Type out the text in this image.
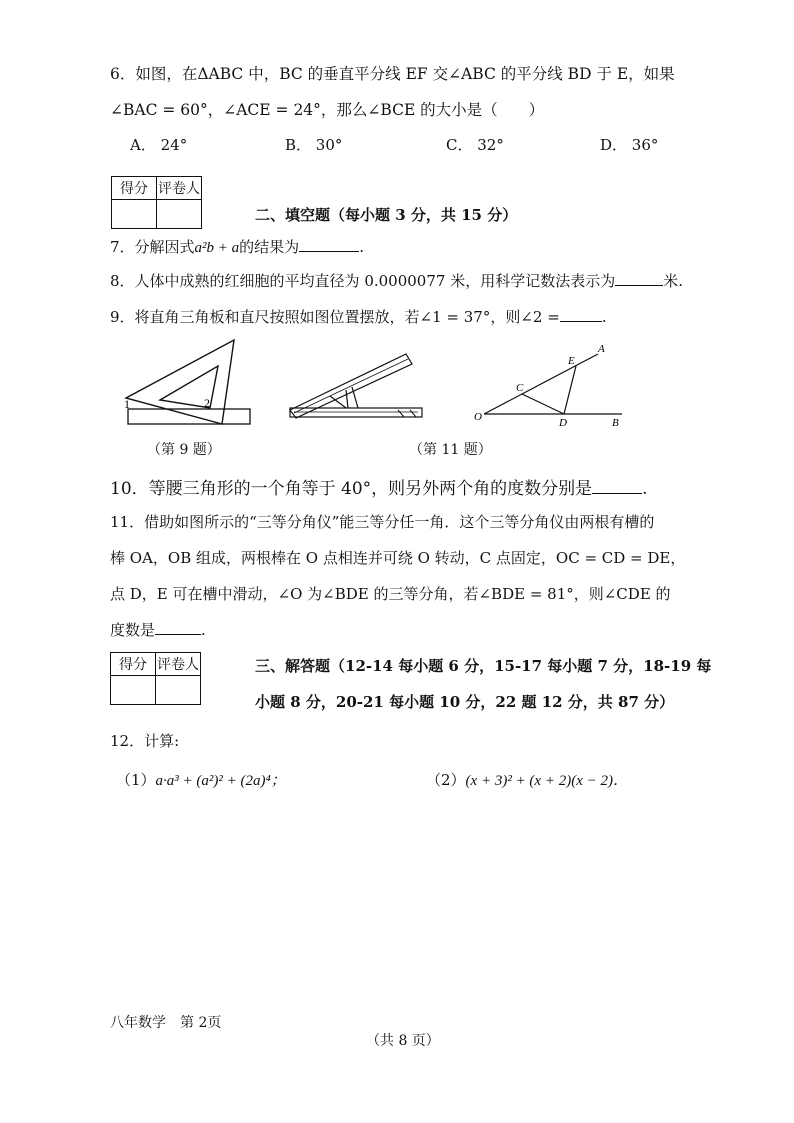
6．如图，在ΔABC 中，BC 的垂直平分线 EF 交∠ABC 的平分线 BD 于 E，如果
∠BAC = 60°，∠ACE = 24°，那么∠BCE 的大小是（　　）
A． 24°	B． 30°	C． 32°	D． 36°
得分	评卷人

二、填空题（每小题 3 分，共 15 分）
7．分解因式a²b + a的结果为	.
8．人体中成熟的红细胞的平均直径为 0.0000077 米，用科学记数法表示为	米.
9．将直角三角板和直尺按照如图位置摆放，若∠1 = 37°，则∠2 =	.
1	2
（第 9 题）
A
E
C
O	D	B
（第 11 题）
10．等腰三角形的一个角等于 40°，则另外两个角的度数分别是	.
11．借助如图所示的“三等分角仪”能三等分任一角．这个三等分角仪由两根有槽的
棒 OA，OB 组成，两根棒在 O 点相连并可绕 O 转动，C 点固定，OC = CD = DE，
点 D，E 可在槽中滑动，∠O 为∠BDE 的三等分角，若∠BDE = 81°，则∠CDE 的
度数是	.
得分	评卷人
		三、解答题（12-14 每小题 6 分，15-17 每小题 7 分，18-19 每
小题 8 分，20-21 每小题 10 分，22 题 12 分，共 87 分）
12．计算:
（1）a·a³ + (a²)² + (2a)⁴；	（2）(x + 3)² + (x + 2)(x − 2)．
八年数学　第 2页
（共 8 页）
